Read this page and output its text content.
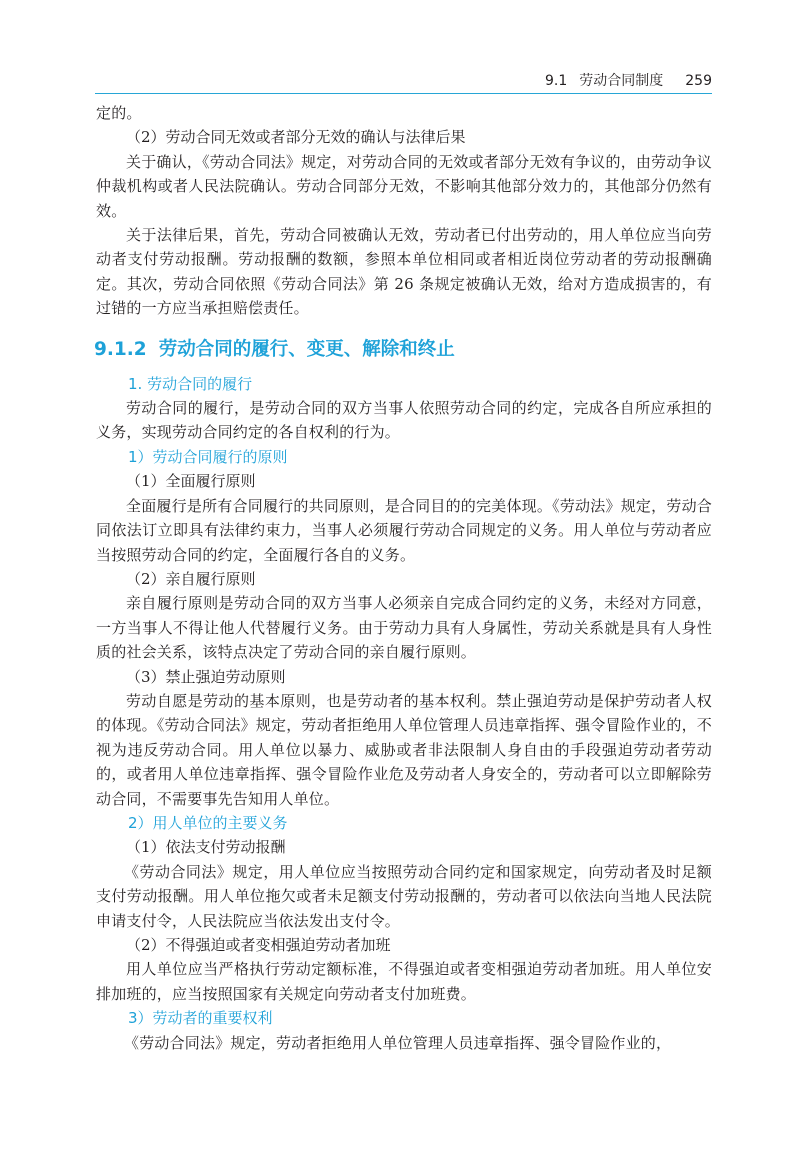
9.1 劳动合同制度 259

定的。

（2）劳动合同无效或者部分无效的确认与法律后果

关于确认，《劳动合同法》规定，对劳动合同的无效或者部分无效有争议的，由劳动争议仲裁机构或者人民法院确认。劳动合同部分无效，不影响其他部分效力的，其他部分仍然有效。

关于法律后果，首先，劳动合同被确认无效，劳动者已付出劳动的，用人单位应当向劳动者支付劳动报酬。劳动报酬的数额，参照本单位相同或者相近岗位劳动者的劳动报酬确定。其次，劳动合同依照《劳动合同法》第 26 条规定被确认无效，给对方造成损害的，有过错的一方应当承担赔偿责任。

9.1.2 劳动合同的履行、变更、解除和终止

1. 劳动合同的履行

劳动合同的履行，是劳动合同的双方当事人依照劳动合同的约定，完成各自所应承担的义务，实现劳动合同约定的各自权利的行为。

1）劳动合同履行的原则

（1）全面履行原则

全面履行是所有合同履行的共同原则，是合同目的的完美体现。《劳动法》规定，劳动合同依法订立即具有法律约束力，当事人必须履行劳动合同规定的义务。用人单位与劳动者应当按照劳动合同的约定，全面履行各自的义务。

（2）亲自履行原则

亲自履行原则是劳动合同的双方当事人必须亲自完成合同约定的义务，未经对方同意，一方当事人不得让他人代替履行义务。由于劳动力具有人身属性，劳动关系就是具有人身性质的社会关系，该特点决定了劳动合同的亲自履行原则。

（3）禁止强迫劳动原则

劳动自愿是劳动的基本原则，也是劳动者的基本权利。禁止强迫劳动是保护劳动者人权的体现。《劳动合同法》规定，劳动者拒绝用人单位管理人员违章指挥、强令冒险作业的，不视为违反劳动合同。用人单位以暴力、威胁或者非法限制人身自由的手段强迫劳动者劳动的，或者用人单位违章指挥、强令冒险作业危及劳动者人身安全的，劳动者可以立即解除劳动合同，不需要事先告知用人单位。

2）用人单位的主要义务

（1）依法支付劳动报酬

《劳动合同法》规定，用人单位应当按照劳动合同约定和国家规定，向劳动者及时足额支付劳动报酬。用人单位拖欠或者未足额支付劳动报酬的，劳动者可以依法向当地人民法院申请支付令，人民法院应当依法发出支付令。

（2）不得强迫或者变相强迫劳动者加班

用人单位应当严格执行劳动定额标准，不得强迫或者变相强迫劳动者加班。用人单位安排加班的，应当按照国家有关规定向劳动者支付加班费。

3）劳动者的重要权利

《劳动合同法》规定，劳动者拒绝用人单位管理人员违章指挥、强令冒险作业的，
